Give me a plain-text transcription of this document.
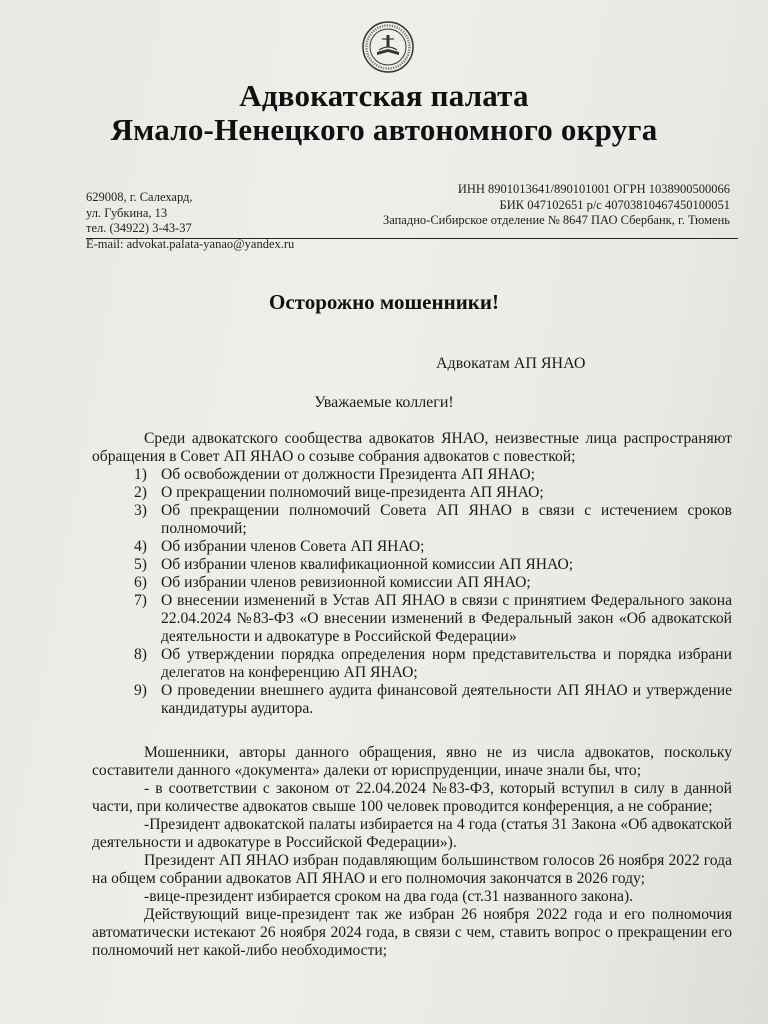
Адвокатская палата
Ямало-Ненецкого автономного округа
629008, г. Салехард,
ул. Губкина, 13
тел. (34922) 3-43-37
E-mail: advokat.palata-yanao@yandex.ru
ИНН 8901013641/890101001 ОГРН 1038900500066
БИК 047102651 р/с 40703810467450100051
Западно-Сибирское отделение № 8647 ПАО Сбербанк, г. Тюмень
Осторожно мошенники!
Адвокатам АП ЯНАО
Уважаемые коллеги!

Среди адвокатского сообщества адвокатов ЯНАО, неизвестные лица распространяют обращения в Совет АП ЯНАО о созыве собрания адвокатов с повесткой;

1) Об освобождении от должности Президента АП ЯНАО;
2) О прекращении полномочий вице-президента АП ЯНАО;
3) Об прекращении полномочий Совета АП ЯНАО в связи с истечением сроков полномочий;
4) Об избрании членов Совета АП ЯНАО;
5) Об избрании членов квалификационной комиссии АП ЯНАО;
6) Об избрании членов ревизионной комиссии АП ЯНАО;
7) О внесении изменений в Устав АП ЯНАО в связи с принятием Федерального закона 22.04.2024 №83-ФЗ «О внесении изменений в Федеральный закон «Об адвокатской деятельности и адвокатуре в Российской Федерации»
8) Об утверждении порядка определения норм представительства и порядка избрани делегатов на конференцию АП ЯНАО;
9) О проведении внешнего аудита финансовой деятельности АП ЯНАО и утверждение кандидатуры аудитора.

Мошенники, авторы данного обращения, явно не из числа адвокатов, поскольку составители данного «документа» далеки от юриспруденции, иначе знали бы, что;

- в соответствии с законом от 22.04.2024 №83-ФЗ, который вступил в силу в данной части, при количестве адвокатов свыше 100 человек проводится конференция, а не собрание;

-Президент адвокатской палаты избирается на 4 года (статья 31 Закона «Об адвокатской деятельности и адвокатуре в Российской Федерации»).

Президент АП ЯНАО избран подавляющим большинством голосов 26 ноября 2022 года на общем собрании адвокатов АП ЯНАО и его полномочия закончатся в 2026 году;

-вице-президент избирается сроком на два года (ст.31 названного закона).

Действующий вице-президент так же избран 26 ноября 2022 года и его полномочия автоматически истекают 26 ноября 2024 года, в связи с чем, ставить вопрос о прекращении его полномочий нет какой-либо необходимости;
